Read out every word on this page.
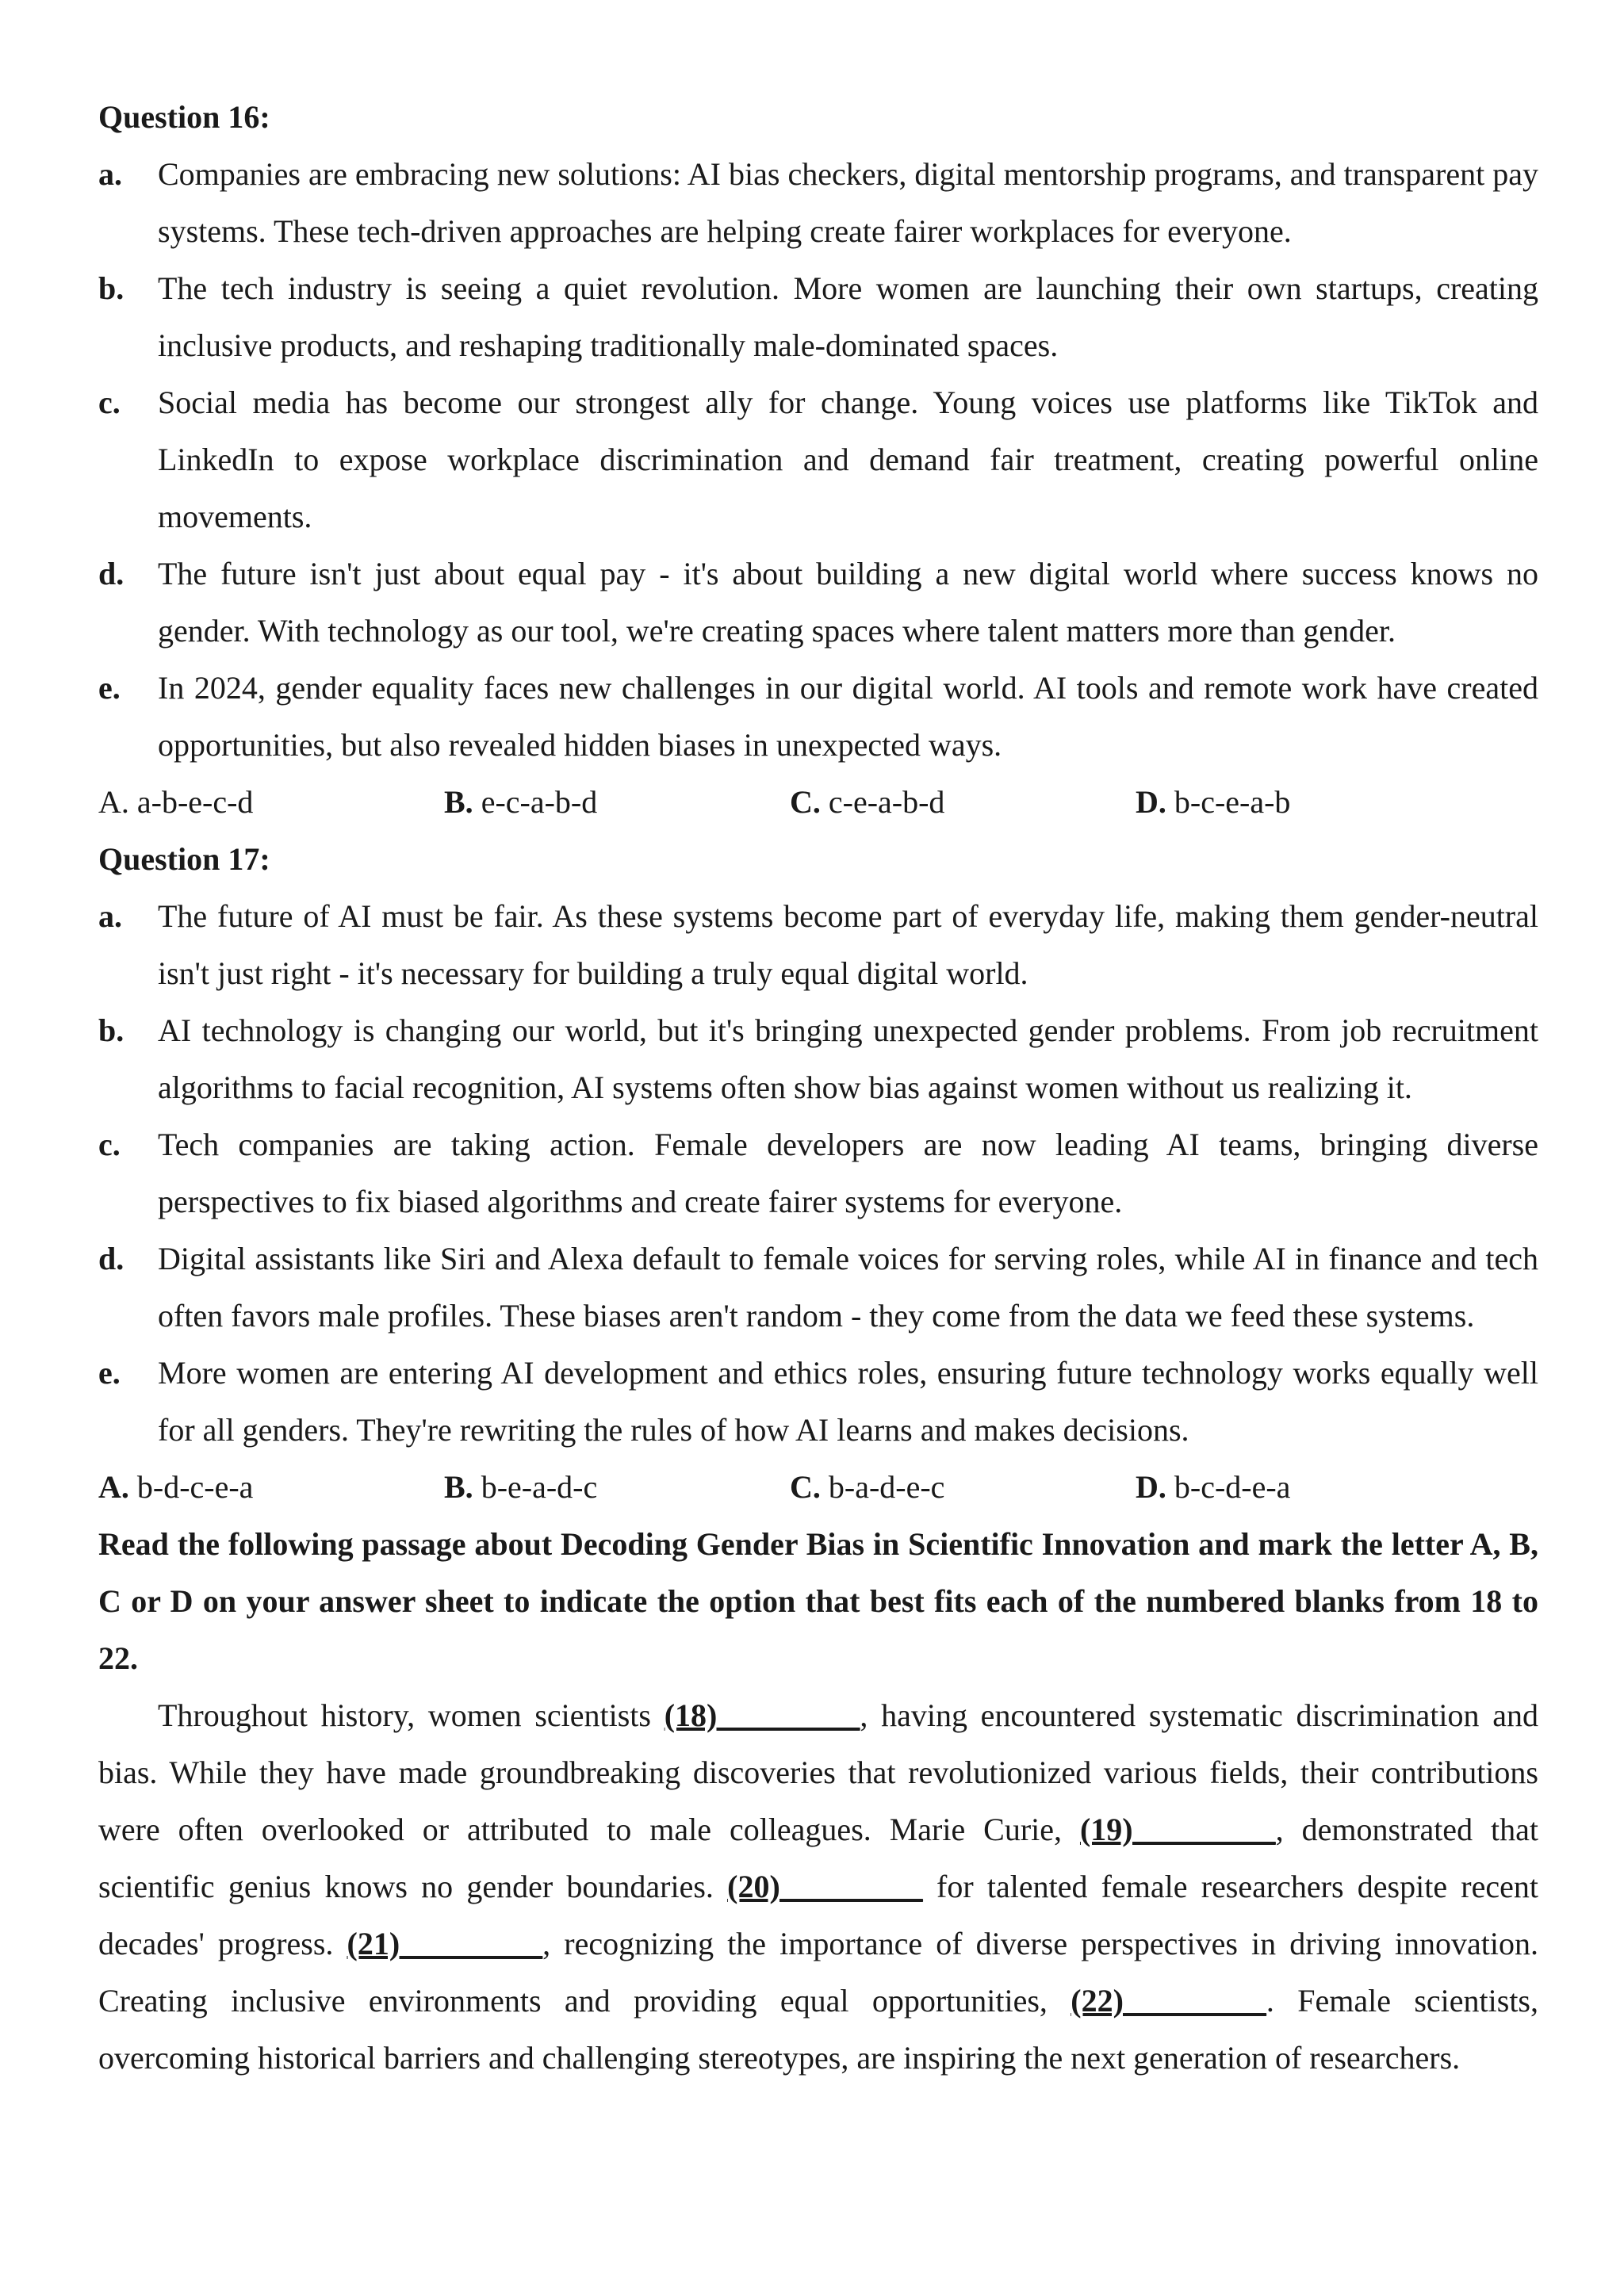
Question 16:
a.	Companies are embracing new solutions: AI bias checkers, digital mentorship programs, and transparent pay systems. These tech-driven approaches are helping create fairer workplaces for everyone.
b.	The tech industry is seeing a quiet revolution. More women are launching their own startups, creating inclusive products, and reshaping traditionally male-dominated spaces.
c.	Social media has become our strongest ally for change. Young voices use platforms like TikTok and LinkedIn to expose workplace discrimination and demand fair treatment, creating powerful online movements.
d.	The future isn't just about equal pay - it's about building a new digital world where success knows no gender. With technology as our tool, we're creating spaces where talent matters more than gender.
e.	In 2024, gender equality faces new challenges in our digital world. AI tools and remote work have created opportunities, but also revealed hidden biases in unexpected ways.
A. a-b-e-c-d	B. e-c-a-b-d	C. c-e-a-b-d	D. b-c-e-a-b
Question 17:
a.	The future of AI must be fair. As these systems become part of everyday life, making them gender-neutral isn't just right - it's necessary for building a truly equal digital world.
b.	AI technology is changing our world, but it's bringing unexpected gender problems. From job recruitment algorithms to facial recognition, AI systems often show bias against women without us realizing it.
c.	Tech companies are taking action. Female developers are now leading AI teams, bringing diverse perspectives to fix biased algorithms and create fairer systems for everyone.
d.	Digital assistants like Siri and Alexa default to female voices for serving roles, while AI in finance and tech often favors male profiles. These biases aren't random - they come from the data we feed these systems.
e.	More women are entering AI development and ethics roles, ensuring future technology works equally well for all genders. They're rewriting the rules of how AI learns and makes decisions.
A. b-d-c-e-a	B. b-e-a-d-c	C. b-a-d-e-c	D. b-c-d-e-a
Read the following passage about Decoding Gender Bias in Scientific Innovation and mark the letter A, B, C or D on your answer sheet to indicate the option that best fits each of the numbered blanks from 18 to 22.
Throughout history, women scientists (18)_________, having encountered systematic discrimination and bias. While they have made groundbreaking discoveries that revolutionized various fields, their contributions were often overlooked or attributed to male colleagues. Marie Curie, (19)_________, demonstrated that scientific genius knows no gender boundaries. (20)_________ for talented female researchers despite recent decades' progress. (21)_________, recognizing the importance of diverse perspectives in driving innovation. Creating inclusive environments and providing equal opportunities, (22)_________. Female scientists, overcoming historical barriers and challenging stereotypes, are inspiring the next generation of researchers.
